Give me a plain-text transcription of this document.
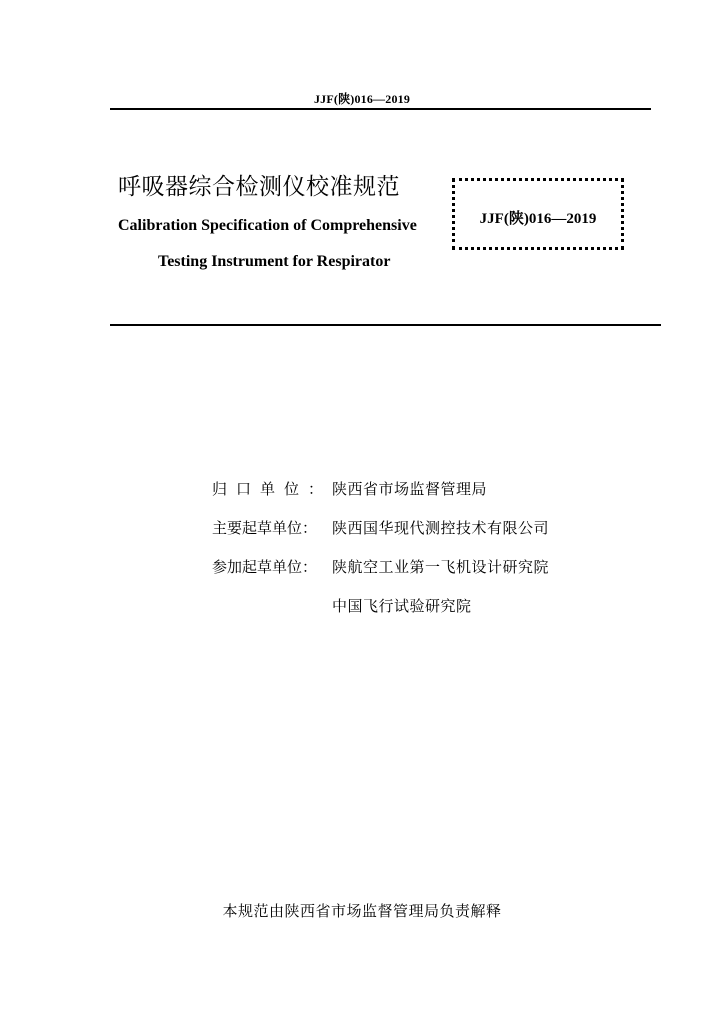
JJF(陕)016—2019
呼吸器综合检测仪校准规范
Calibration Specification of Comprehensive
Testing Instrument for Respirator
JJF(陕)016—2019
归口单位： 陕西省市场监督管理局
主要起草单位： 陕西国华现代测控技术有限公司
参加起草单位： 陕航空工业第一飞机设计研究院
中国飞行试验研究院
本规范由陕西省市场监督管理局负责解释
